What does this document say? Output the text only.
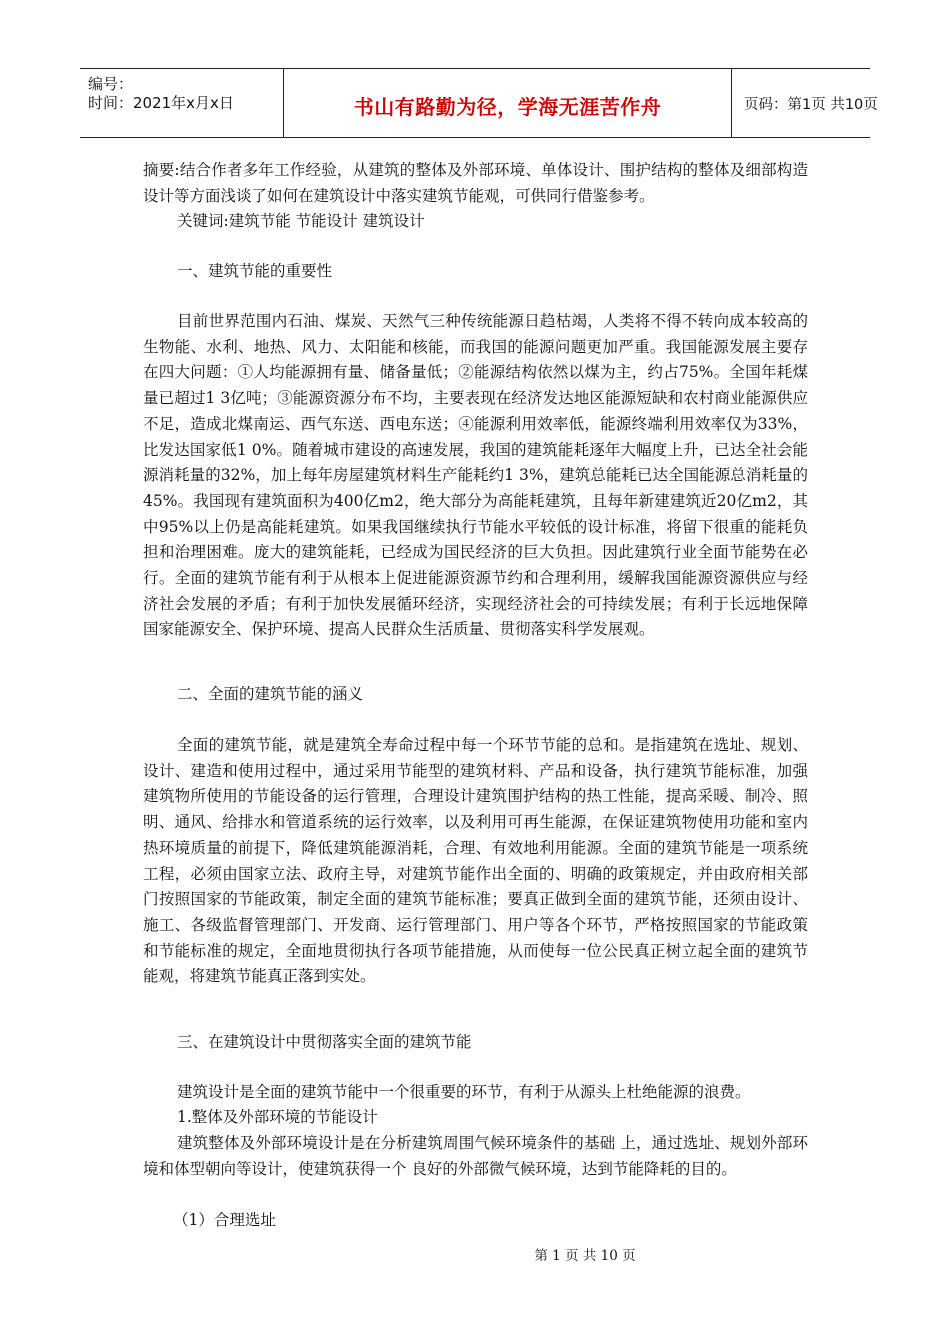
编号：
时间：2021年x月x日	书山有路勤为径，学海无涯苦作舟	页码：第1页 共10页
摘要:结合作者多年工作经验，从建筑的整体及外部环境、单体设计、围护结构的整体及细部构造设计等方面浅谈了如何在建筑设计中落实建筑节能观，可供同行借鉴参考。
关键词:建筑节能 节能设计 建筑设计
一、建筑节能的重要性
目前世界范围内石油、煤炭、天然气三种传统能源日趋枯竭，人类将不得不转向成本较高的生物能、水利、地热、风力、太阳能和核能，而我国的能源问题更加严重。我国能源发展主要存在四大问题：①人均能源拥有量、储备量低；②能源结构依然以煤为主，约占75%。全国年耗煤量已超过1 3亿吨；③能源资源分布不均，主要表现在经济发达地区能源短缺和农村商业能源供应不足，造成北煤南运、西气东送、西电东送；④能源利用效率低，能源终端利用效率仅为33%，比发达国家低1 0%。随着城市建设的高速发展，我国的建筑能耗逐年大幅度上升，已达全社会能源消耗量的32%，加上每年房屋建筑材料生产能耗约1 3%，建筑总能耗已达全国能源总消耗量的45%。我国现有建筑面积为400亿m2，绝大部分为高能耗建筑，且每年新建建筑近20亿m2，其中95%以上仍是高能耗建筑。如果我国继续执行节能水平较低的设计标准，将留下很重的能耗负担和治理困难。庞大的建筑能耗，已经成为国民经济的巨大负担。因此建筑行业全面节能势在必行。全面的建筑节能有利于从根本上促进能源资源节约和合理利用，缓解我国能源资源供应与经济社会发展的矛盾；有利于加快发展循环经济，实现经济社会的可持续发展；有利于长远地保障国家能源安全、保护环境、提高人民群众生活质量、贯彻落实科学发展观。
二、全面的建筑节能的涵义
全面的建筑节能，就是建筑全寿命过程中每一个环节节能的总和。是指建筑在选址、规划、设计、建造和使用过程中，通过采用节能型的建筑材料、产品和设备，执行建筑节能标准，加强建筑物所使用的节能设备的运行管理，合理设计建筑围护结构的热工性能，提高采暖、制冷、照明、通风、给排水和管道系统的运行效率，以及利用可再生能源，在保证建筑物使用功能和室内热环境质量的前提下，降低建筑能源消耗，合理、有效地利用能源。全面的建筑节能是一项系统工程，必须由国家立法、政府主导，对建筑节能作出全面的、明确的政策规定，并由政府相关部门按照国家的节能政策，制定全面的建筑节能标准；要真正做到全面的建筑节能，还须由设计、施工、各级监督管理部门、开发商、运行管理部门、用户等各个环节，严格按照国家的节能政策和节能标准的规定，全面地贯彻执行各项节能措施，从而使每一位公民真正树立起全面的建筑节能观，将建筑节能真正落到实处。
三、在建筑设计中贯彻落实全面的建筑节能
建筑设计是全面的建筑节能中一个很重要的环节，有利于从源头上杜绝能源的浪费。
1.整体及外部环境的节能设计
建筑整体及外部环境设计是在分析建筑周围气候环境条件的基础 上，通过选址、规划外部环境和体型朝向等设计，使建筑获得一个 良好的外部微气候环境，达到节能降耗的目的。
（1）合理选址
第 1 页 共 10 页
